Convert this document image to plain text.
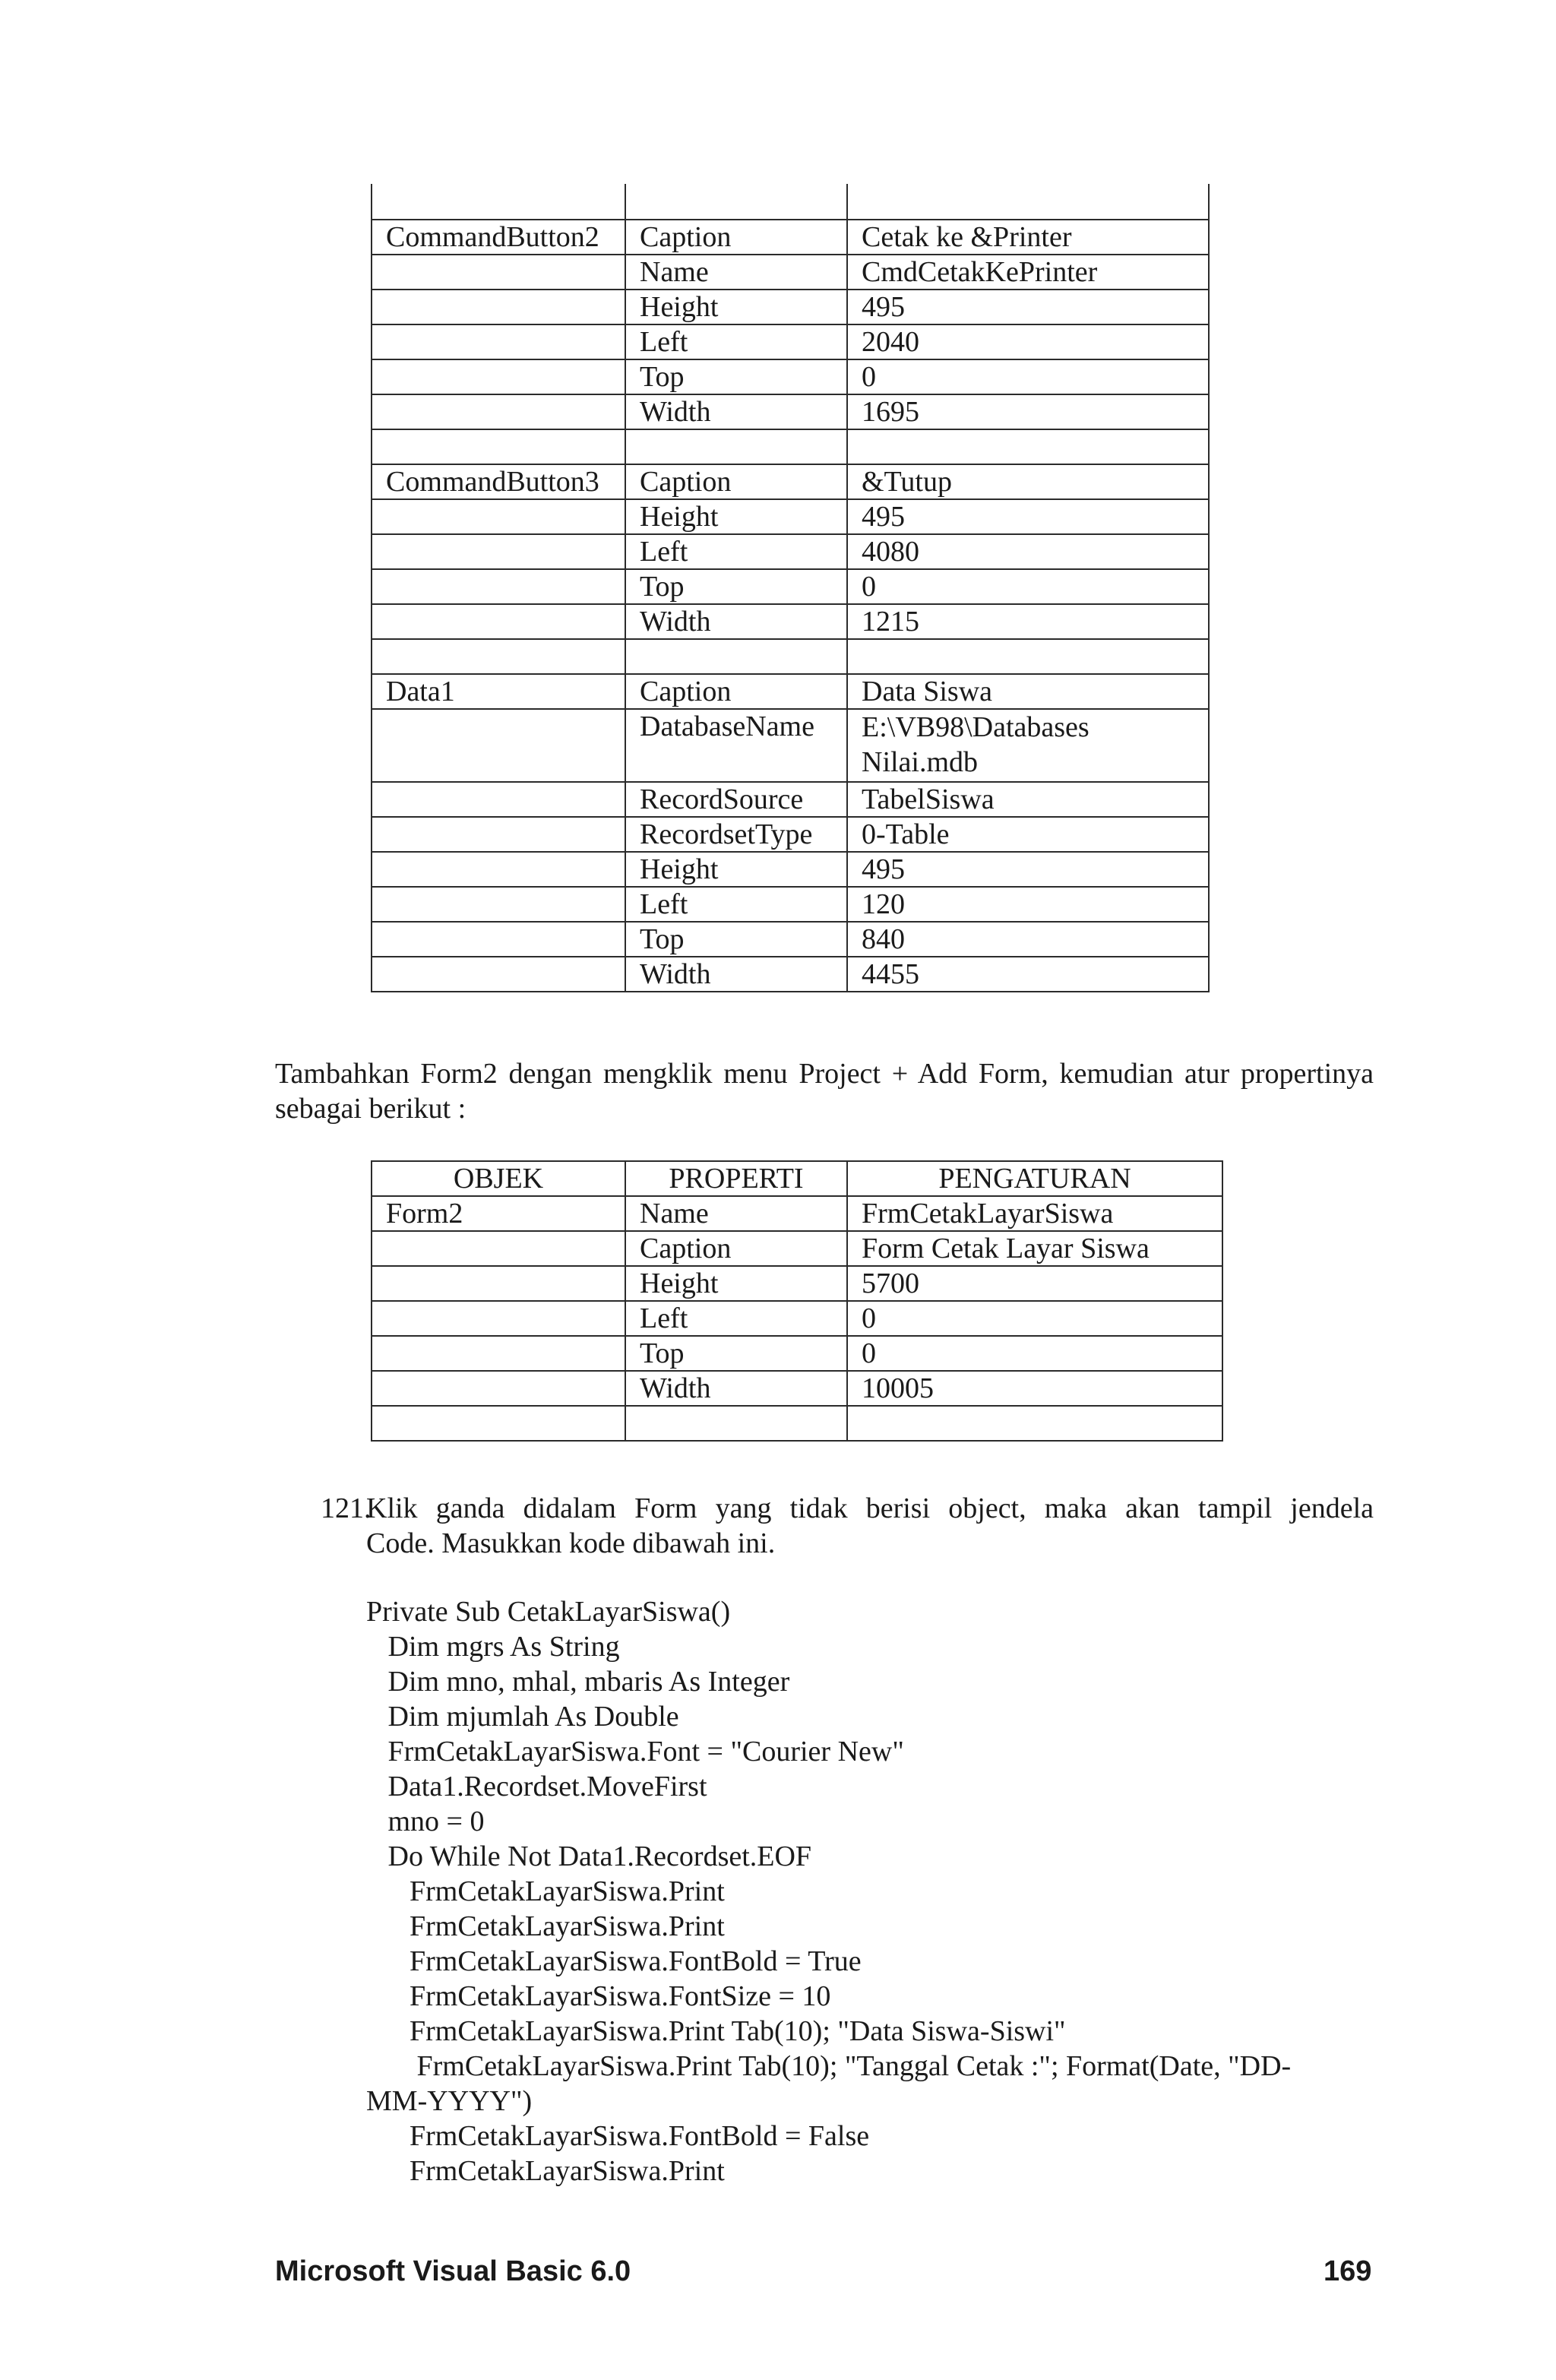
CommandButton2	Caption	Cetak ke &Printer
	Name	CmdCetakKePrinter
	Height	495
	Left	2040
	Top	0
	Width	1695

CommandButton3	Caption	&Tutup
	Height	495
	Left	4080
	Top	0
	Width	1215

Data1	Caption	Data Siswa
	DatabaseName	E:\VB98\Databases Nilai.mdb
	RecordSource	TabelSiswa
	RecordsetType	0-Table
	Height	495
	Left	120
	Top	840
	Width	4455
Tambahkan Form2 dengan mengklik menu Project + Add Form, kemudian atur propertinya sebagai berikut :
OBJEK	PROPERTI	PENGATURAN
Form2	Name	FrmCetakLayarSiswa
	Caption	Form Cetak Layar Siswa
	Height	5700
	Left	0
	Top	0
	Width	10005

121.
Klik ganda didalam Form yang tidak berisi object, maka akan tampil jendela
Code. Masukkan kode dibawah ini.
Private Sub CetakLayarSiswa()
Dim mgrs As String
Dim mno, mhal, mbaris As Integer
Dim mjumlah As Double
FrmCetakLayarSiswa.Font = "Courier New"
Data1.Recordset.MoveFirst
mno = 0
Do While Not Data1.Recordset.EOF
FrmCetakLayarSiswa.Print
FrmCetakLayarSiswa.Print
FrmCetakLayarSiswa.FontBold = True
FrmCetakLayarSiswa.FontSize = 10
FrmCetakLayarSiswa.Print Tab(10); "Data Siswa-Siswi"
FrmCetakLayarSiswa.Print Tab(10); "Tanggal Cetak :"; Format(Date, "DD-
MM-YYYY")
FrmCetakLayarSiswa.FontBold = False
FrmCetakLayarSiswa.Print
Microsoft Visual Basic 6.0	169
